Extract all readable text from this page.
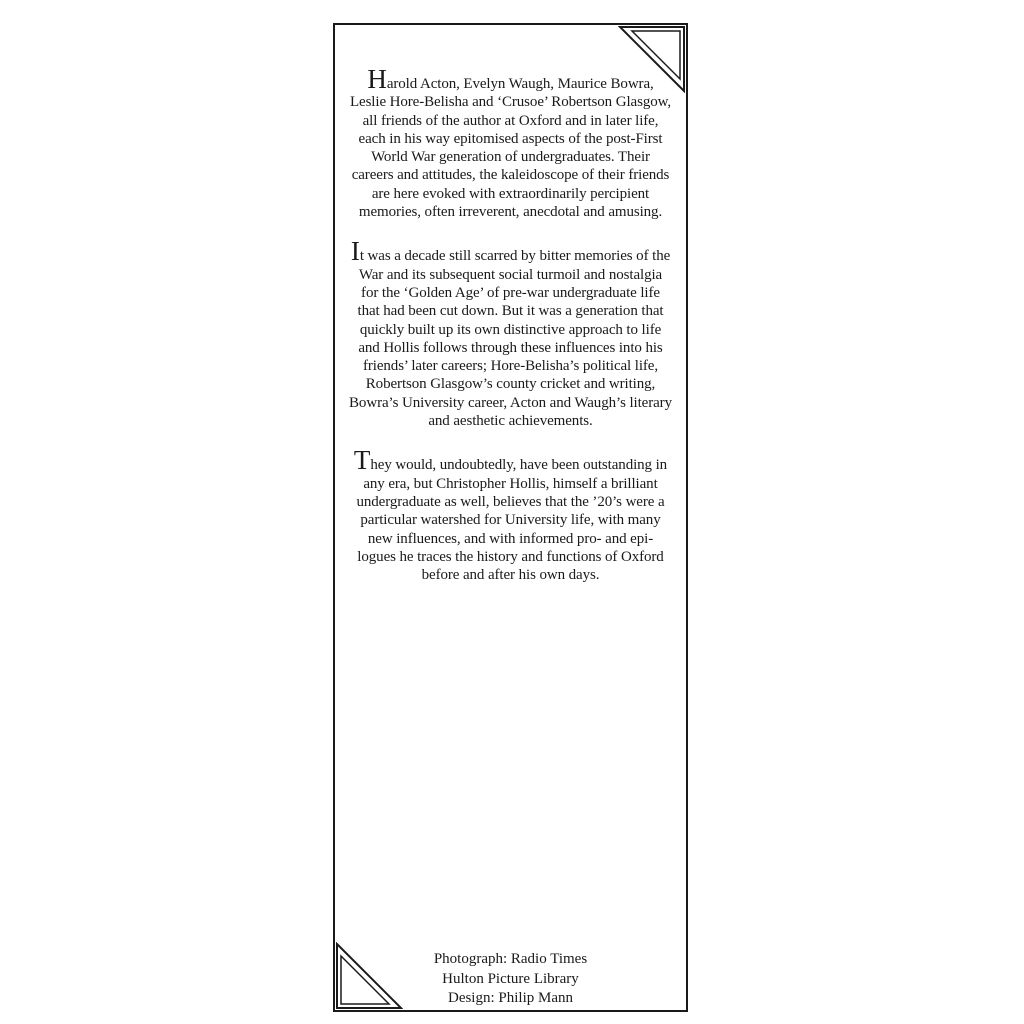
Harold Acton, Evelyn Waugh, Maurice Bowra, Leslie Hore-Belisha and ‘Crusoe’ Robertson Glasgow, all friends of the author at Oxford and in later life, each in his way epitomised aspects of the post-First World War generation of undergraduates. Their careers and attitudes, the kaleidoscope of their friends are here evoked with extraordinarily percipient memories, often irreverent, anecdotal and amusing.

It was a decade still scarred by bitter memories of the War and its subsequent social turmoil and nostalgia for the ‘Golden Age’ of pre-war undergraduate life that had been cut down. But it was a generation that quickly built up its own distinctive approach to life and Hollis follows through these influences into his friends’ later careers; Hore-Belisha’s political life, Robertson Glasgow’s county cricket and writing, Bowra’s University career, Acton and Waugh’s literary and aesthetic achievements.

They would, undoubtedly, have been outstanding in any era, but Christopher Hollis, himself a brilliant undergraduate as well, believes that the ’20’s were a particular watershed for University life, with many new influences, and with informed pro- and epi-logues he traces the history and functions of Oxford before and after his own days.

Photograph: Radio Times
Hulton Picture Library
Design: Philip Mann
